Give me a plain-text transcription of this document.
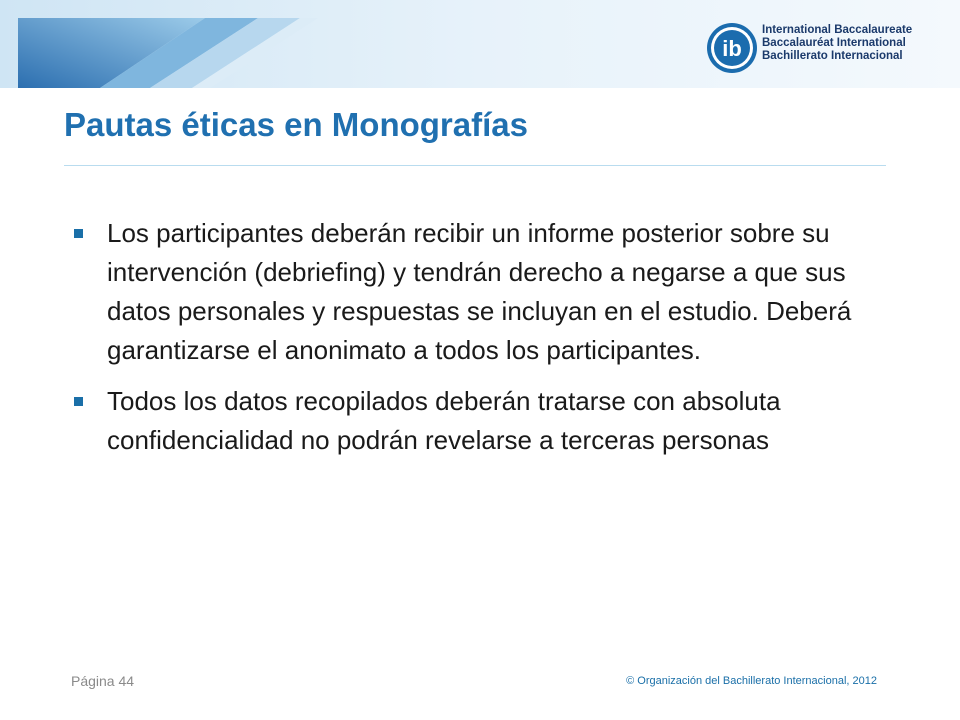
ib
International Baccalaureate
Baccalauréat International
Bachillerato Internacional
Pautas éticas en Monografías
Los participantes deberán recibir un informe posterior sobre su intervención (debriefing) y tendrán derecho a negarse a que sus datos personales y respuestas se incluyan en el estudio. Deberá garantizarse el anonimato a todos los participantes.
Todos los datos recopilados deberán tratarse con absoluta confidencialidad no podrán revelarse a terceras personas
Página 44	© Organización del Bachillerato Internacional, 2012
